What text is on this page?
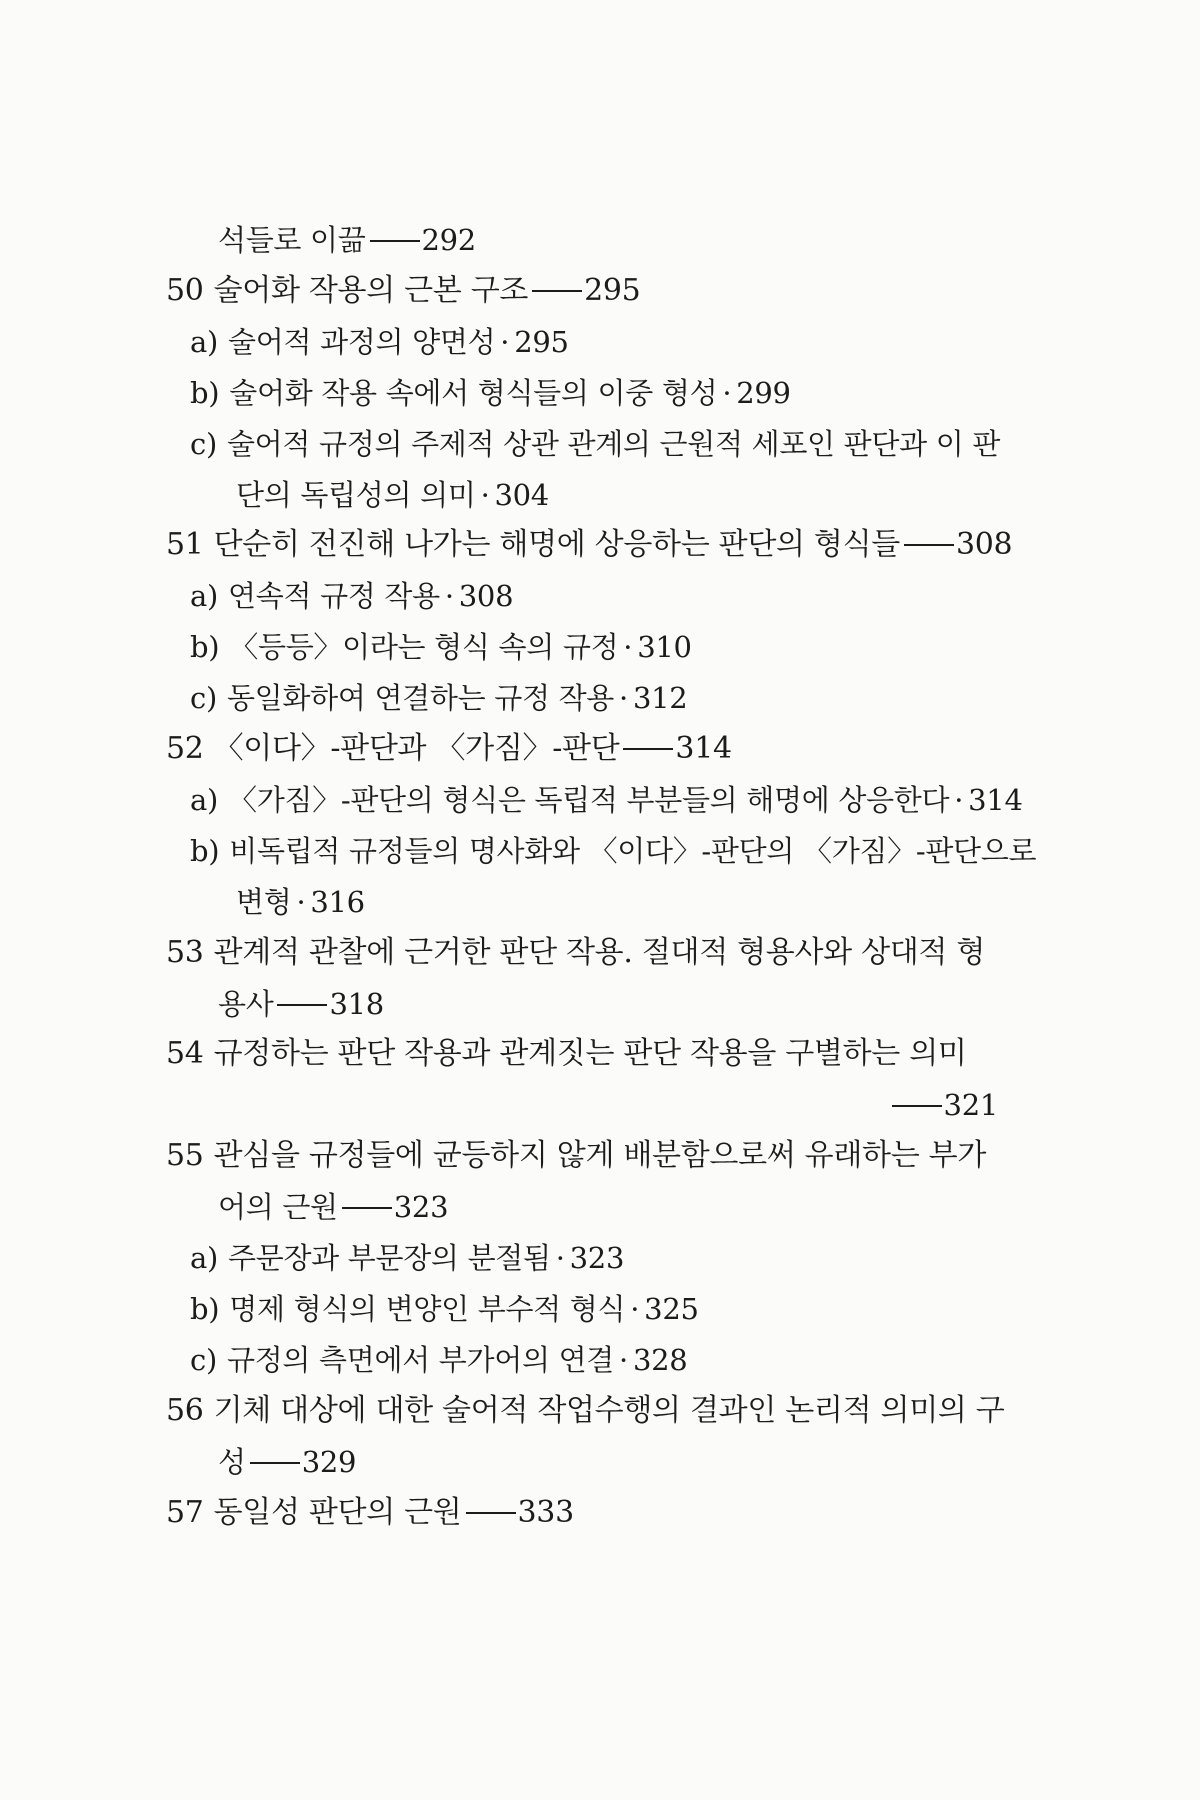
석들로 이끎 292
50 술어화 작용의 근본 구조 295
a) 술어적 과정의 양면성 · 295
b) 술어화 작용 속에서 형식들의 이중 형성 · 299
c) 술어적 규정의 주제적 상관 관계의 근원적 세포인 판단과 이 판
단의 독립성의 의미 · 304
51 단순히 전진해 나가는 해명에 상응하는 판단의 형식들 308
a) 연속적 규정 작용 · 308
b) 〈등등〉이라는 형식 속의 규정 · 310
c) 동일화하여 연결하는 규정 작용 · 312
52 〈이다〉-판단과 〈가짐〉-판단 314
a) 〈가짐〉-판단의 형식은 독립적 부분들의 해명에 상응한다 · 314
b) 비독립적 규정들의 명사화와 〈이다〉-판단의 〈가짐〉-판단으로
변형 · 316
53 관계적 관찰에 근거한 판단 작용. 절대적 형용사와 상대적 형
용사 318
54 규정하는 판단 작용과 관계짓는 판단 작용을 구별하는 의미
321
55 관심을 규정들에 균등하지 않게 배분함으로써 유래하는 부가
어의 근원 323
a) 주문장과 부문장의 분절됨 · 323
b) 명제 형식의 변양인 부수적 형식 · 325
c) 규정의 측면에서 부가어의 연결 · 328
56 기체 대상에 대한 술어적 작업수행의 결과인 논리적 의미의 구
성 329
57 동일성 판단의 근원 333
